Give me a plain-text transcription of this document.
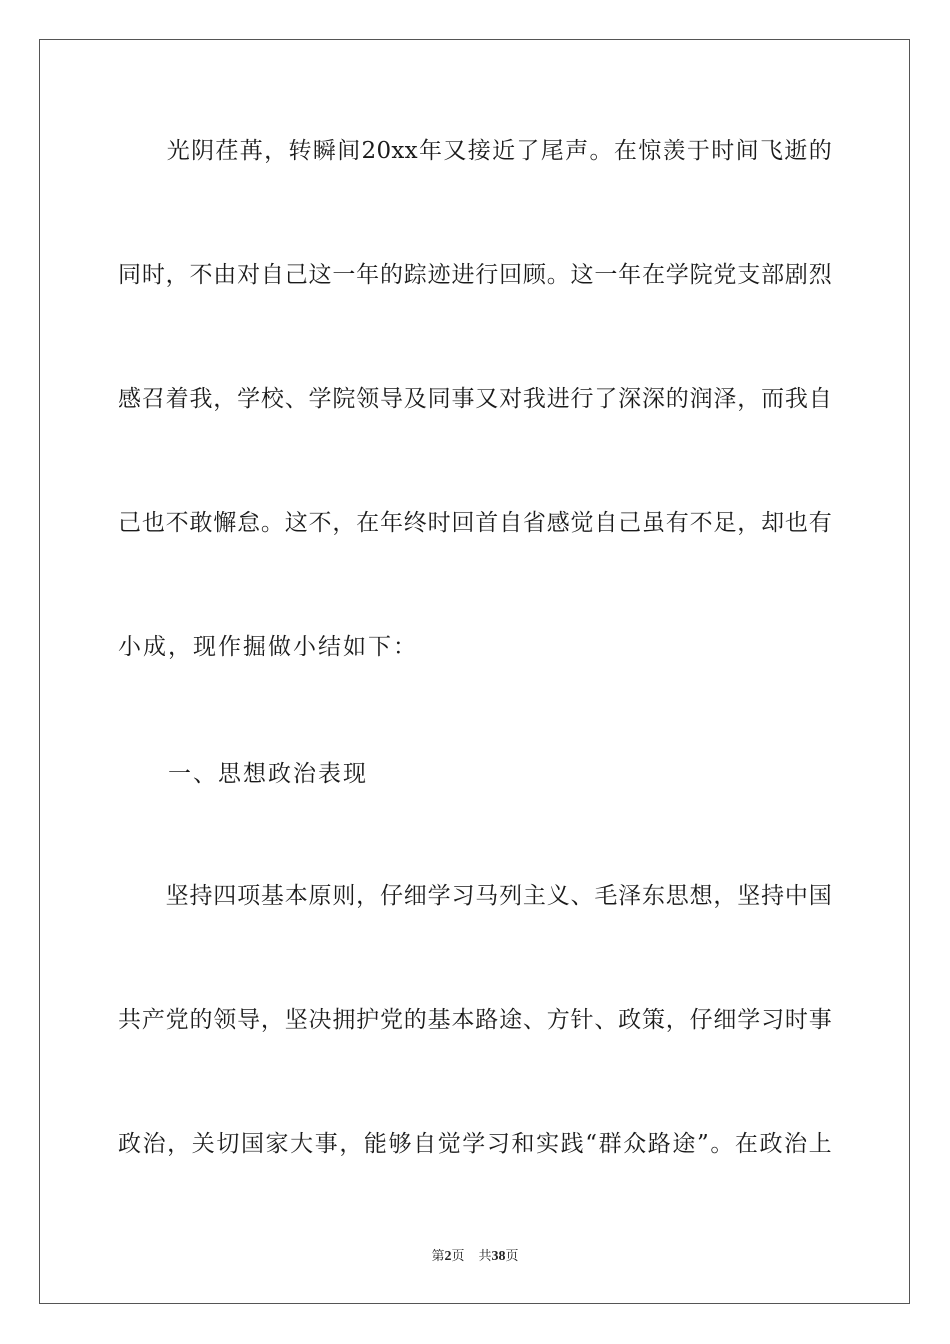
　　光阴荏苒，转瞬间20xx年又接近了尾声。在惊羡于时间飞逝的
同时，不由对自己这一年的踪迹进行回顾。这一年在学院党支部剧烈
感召着我，学校、学院领导及同事又对我进行了深深的润泽，而我自
己也不敢懈怠。这不，在年终时回首自省感觉自己虽有不足，却也有
小成，现作掘做小结如下：
　　一、思想政治表现
　　坚持四项基本原则，仔细学习马列主义、毛泽东思想，坚持中国
共产党的领导，坚决拥护党的基本路途、方针、政策，仔细学习时事
政治，关切国家大事，能够自觉学习和实践“群众路途”。在政治上
第2页 共38页
